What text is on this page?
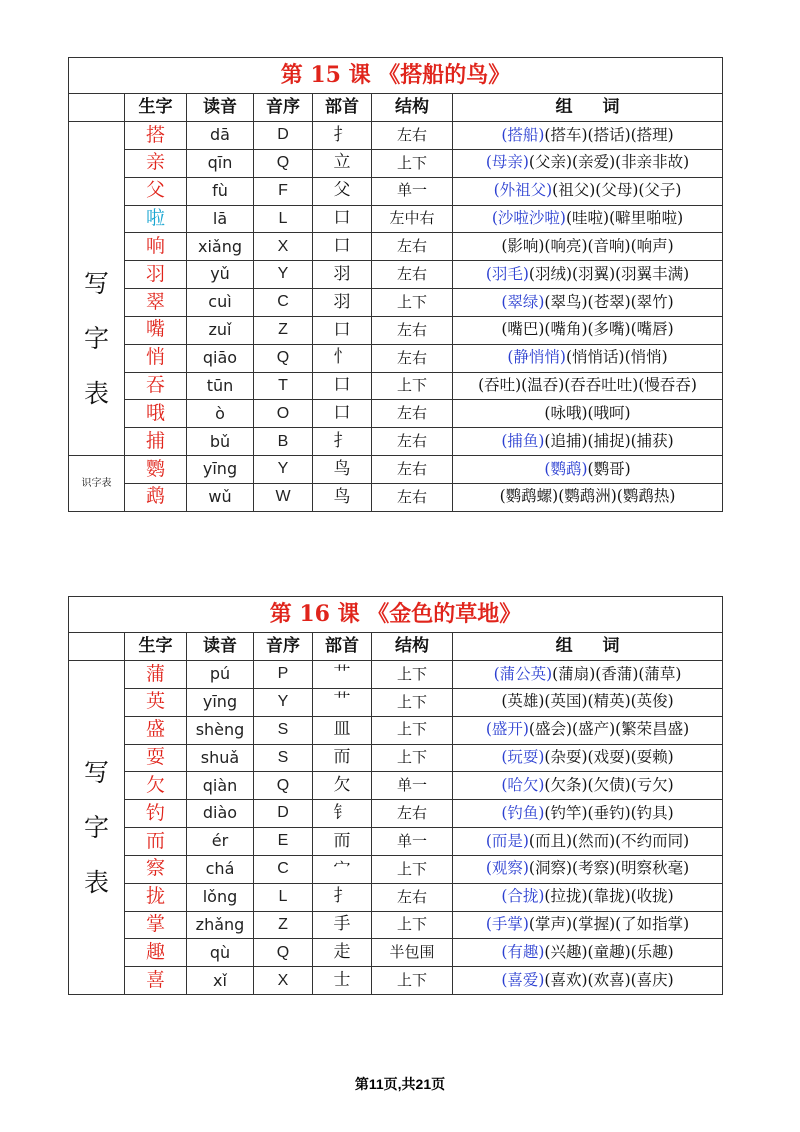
第 15 课 《搭船的鸟》						
	生字	读音	音序	部首	结构	组 词

写
字
表	搭	dā	D	扌	左右	(搭船)(搭车)(搭话)(搭理)
	亲	qīn	Q	立	上下	(母亲)(父亲)(亲爱)(非亲非故)
	父	fù	F	父	单一	(外祖父)(祖父)(父母)(父子)
	啦	lā	L	口	左中右	(沙啦沙啦)(哇啦)(噼里啪啦)
	响	xiǎng	X	口	左右	(影响)(响亮)(音响)(响声)
	羽	yǔ	Y	羽	左右	(羽毛)(羽绒)(羽翼)(羽翼丰满)
	翠	cuì	C	羽	上下	(翠绿)(翠鸟)(苍翠)(翠竹)
	嘴	zuǐ	Z	口	左右	(嘴巴)(嘴角)(多嘴)(嘴唇)
	悄	qiāo	Q	忄	左右	(静悄悄)(悄悄话)(悄悄)
	吞	tūn	T	口	上下	(吞吐)(温吞)(吞吞吐吐)(慢吞吞)
	哦	ò	O	口	左右	(咏哦)(哦呵)
	捕	bǔ	B	扌	左右	(捕鱼)(追捕)(捕捉)(捕获)
识字表	鹦	yīng	Y	鸟	左右	(鹦鹉)(鹦哥)
	鹉	wǔ	W	鸟	左右	(鹦鹉螺)(鹦鹉洲)(鹦鹉热)
第 16 课 《金色的草地》						
	生字	读音	音序	部首	结构	组 词

写
字
表	蒲	pú	P	艹	上下	(蒲公英)(蒲扇)(香蒲)(蒲草)
	英	yīng	Y	艹	上下	(英雄)(英国)(精英)(英俊)
	盛	shèng	S	皿	上下	(盛开)(盛会)(盛产)(繁荣昌盛)
	耍	shuǎ	S	而	上下	(玩耍)(杂耍)(戏耍)(耍赖)
	欠	qiàn	Q	欠	单一	(哈欠)(欠条)(欠债)(亏欠)
	钓	diào	D	钅	左右	(钓鱼)(钓竿)(垂钓)(钓具)
	而	ér	E	而	单一	(而是)(而且)(然而)(不约而同)
	察	chá	C	宀	上下	(观察)(洞察)(考察)(明察秋毫)
	拢	lǒng	L	扌	左右	(合拢)(拉拢)(靠拢)(收拢)
	掌	zhǎng	Z	手	上下	(手掌)(掌声)(掌握)(了如指掌)
	趣	qù	Q	走	半包围	(有趣)(兴趣)(童趣)(乐趣)
	喜	xǐ	X	士	上下	(喜爱)(喜欢)(欢喜)(喜庆)
第11页,共21页
